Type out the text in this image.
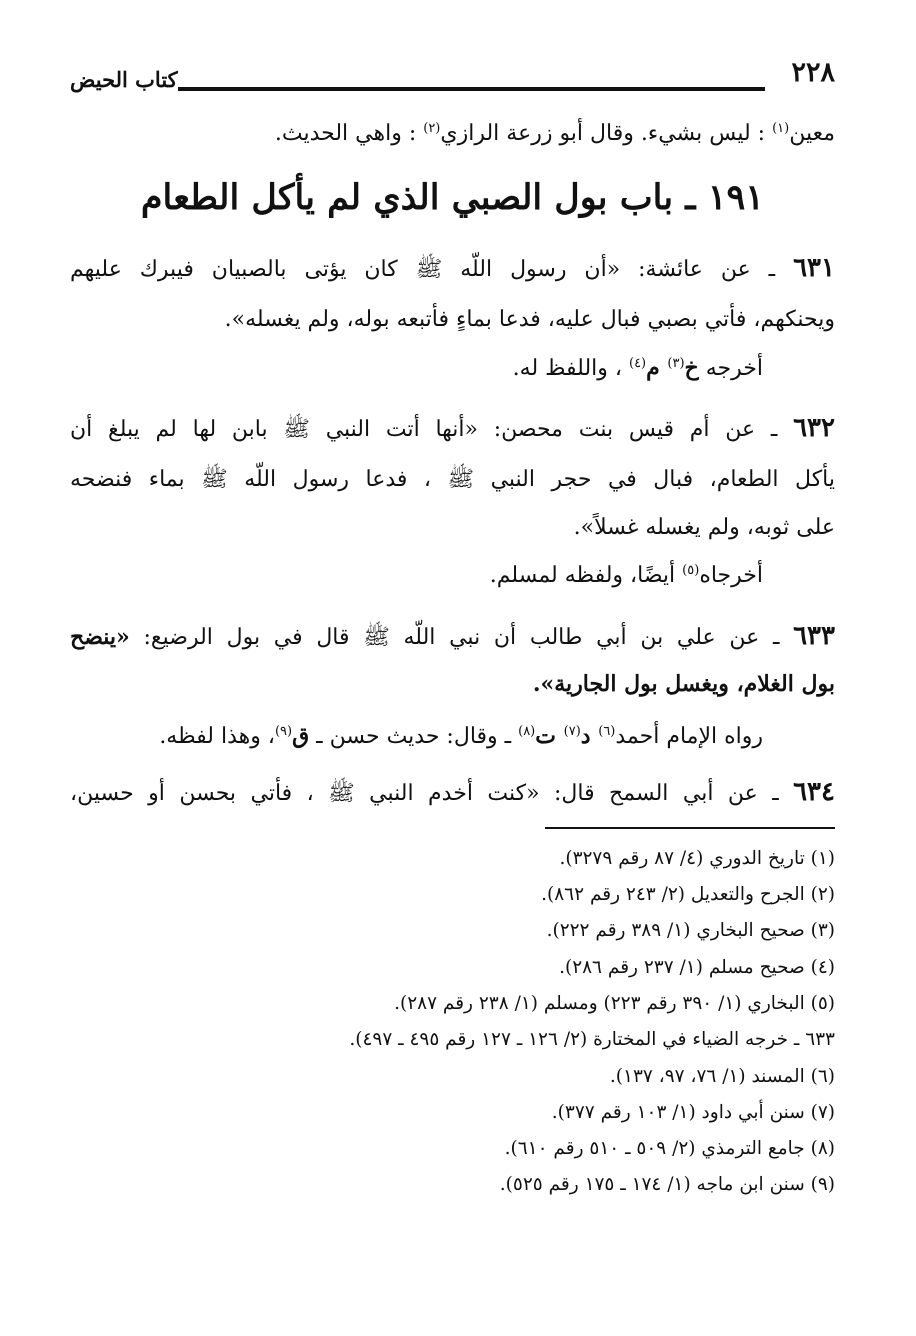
٢٢٨
كتاب الحيض
معين$^{(١)}$ : ليس بشيء. وقال أبو زرعة الرازي$^{(٢)}$ : واهي الحديث.
١٩١ ـ باب بول الصبي الذي لم يأكل الطعام
٦٣١ ـ عن عائشة: «أن رسول اللّه ﷺ كان يؤتى بالصبيان فيبرك عليهم
ويحنكهم، فأتي بصبي فبال عليه، فدعا بماءٍ فأتبعه بوله، ولم يغسله».
أخرجه خ$^{(٣)}$ م$^{(٤)}$ ، واللفظ له.
٦٣٢ ـ عن أم قيس بنت محصن: «أنها أتت النبي ﷺ بابن لها لم يبلغ أن
يأكل الطعام، فبال في حجر النبي ﷺ ، فدعا رسول اللّه ﷺ بماء فنضحه
على ثوبه، ولم يغسله غسلاً».
أخرجاه$^{(٥)}$ أيضًا، ولفظه لمسلم.
٦٣٣ ـ عن علي بن أبي طالب أن نبي اللّه ﷺ قال في بول الرضيع: «ينضح
بول الغلام، ويغسل بول الجارية».
رواه الإمام أحمد$^{(٦)}$ د$^{(٧)}$ ت$^{(٨)}$ ـ وقال: حديث حسن ـ ق$^{(٩)}$، وهذا لفظه.
٦٣٤ ـ عن أبي السمح قال: «كنت أخدم النبي ﷺ ، فأتي بحسن أو حسين،
(١) تاريخ الدوري (٤/ ٨٧ رقم ٣٢٧٩).
(٢) الجرح والتعديل (٢/ ٢٤٣ رقم ٨٦٢).
(٣) صحيح البخاري (١/ ٣٨٩ رقم ٢٢٢).
(٤) صحيح مسلم (١/ ٢٣٧ رقم ٢٨٦).
(٥) البخاري (١/ ٣٩٠ رقم ٢٢٣) ومسلم (١/ ٢٣٨ رقم ٢٨٧).
٦٣٣ ـ خرجه الضياء في المختارة (٢/ ١٢٦ ـ ١٢٧ رقم ٤٩٥ ـ ٤٩٧).
(٦) المسند (١/ ٧٦، ٩٧، ١٣٧).
(٧) سنن أبي داود (١/ ١٠٣ رقم ٣٧٧).
(٨) جامع الترمذي (٢/ ٥٠٩ ـ ٥١٠ رقم ٦١٠).
(٩) سنن ابن ماجه (١/ ١٧٤ ـ ١٧٥ رقم ٥٢٥).
